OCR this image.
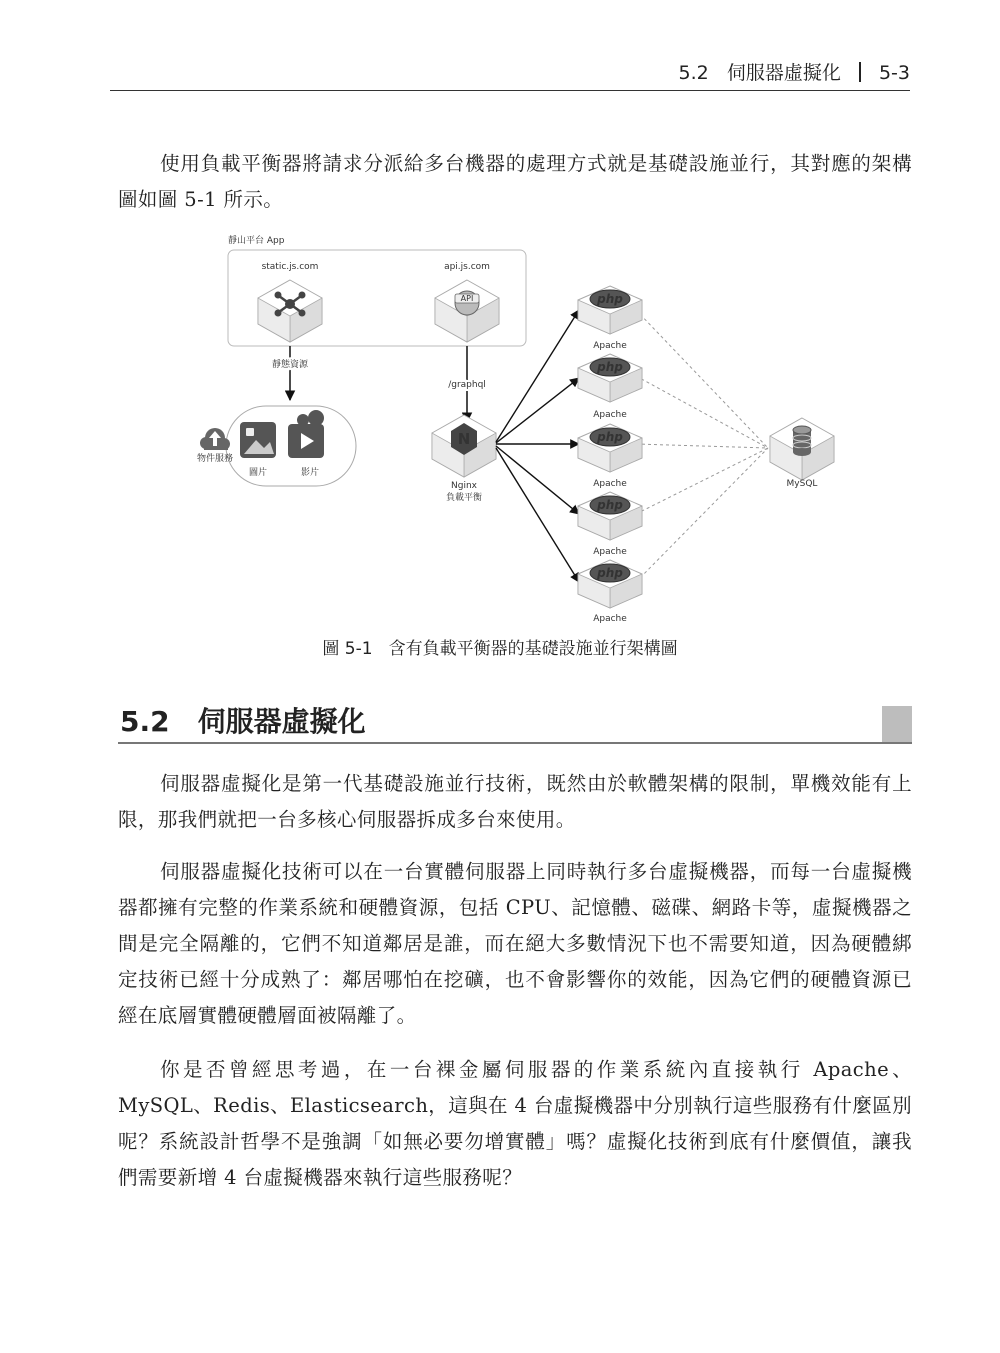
5.2 伺服器虛擬化 5-3

使用負載平衡器將請求分派給多台機器的處理方式就是基礎設施並行，其對應的架構圖如圖 5-1 所示。

靜山平台 App
static.js.com	api.js.com
API
靜態資源
/graphql
物件服務
圖片	影片
N
Nginx
負載平衡
php
Apache
php
Apache
php
Apache
php
Apache
php
Apache
MySQL
圖 5-1 含有負載平衡器的基礎設施並行架構圖
5.2 伺服器虛擬化

伺服器虛擬化是第一代基礎設施並行技術，既然由於軟體架構的限制，單機效能有上限，那我們就把一台多核心伺服器拆成多台來使用。

伺服器虛擬化技術可以在一台實體伺服器上同時執行多台虛擬機器，而每一台虛擬機器都擁有完整的作業系統和硬體資源，包括 CPU、記憶體、磁碟、網路卡等，虛擬機器之間是完全隔離的，它們不知道鄰居是誰，而在絕大多數情況下也不需要知道，因為硬體綁定技術已經十分成熟了：鄰居哪怕在挖礦，也不會影響你的效能，因為它們的硬體資源已經在底層實體硬體層面被隔離了。

你是否曾經思考過，在一台裸金屬伺服器的作業系統內直接執行 Apache、MySQL、Redis、Elasticsearch，這與在 4 台虛擬機器中分別執行這些服務有什麼區別呢？系統設計哲學不是強調「如無必要勿增實體」嗎？虛擬化技術到底有什麼價值，讓我們需要新增 4 台虛擬機器來執行這些服務呢？
